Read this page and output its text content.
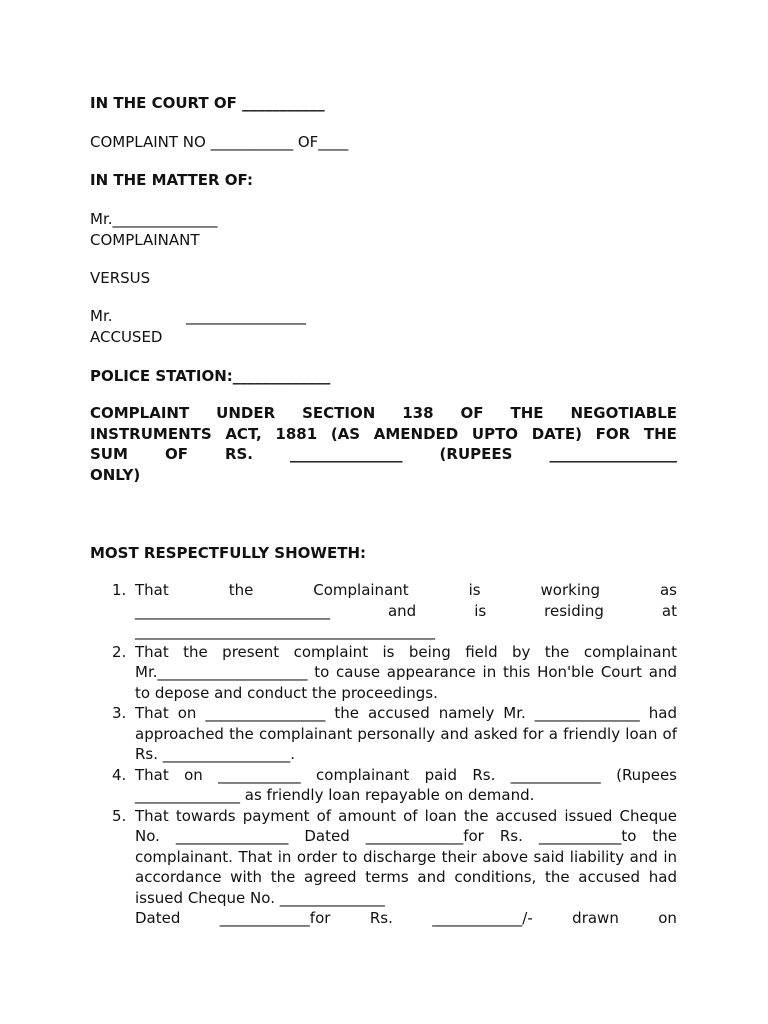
IN THE COURT OF ___________
COMPLAINT NO ___________ OF____
IN THE MATTER OF:
Mr.______________
COMPLAINANT
VERSUS
Mr.	________________
ACCUSED
POLICE STATION:_____________
COMPLAINT UNDER SECTION 138 OF THE NEGOTIABLE
INSTRUMENTS ACT, 1881 (AS AMENDED UPTO DATE) FOR THE
SUM OF RS. _______________ (RUPEES _________________
ONLY)
MOST RESPECTFULLY SHOWETH:
1. That	the	Complainant	is	working	as
__________________________	and	is	residing	at
________________________________________
2. That the present complaint is being field by the complainant Mr.____________________ to cause appearance in this Hon'ble Court and to depose and conduct the proceedings.
3. That on ________________ the accused namely Mr. ______________ had approached the complainant personally and asked for a friendly loan of Rs. _________________.
4. That on ___________ complainant paid Rs. ____________ (Rupees ______________ as friendly loan repayable on demand.
5. That towards payment of amount of loan the accused issued Cheque No. _______________ Dated _____________for Rs. ___________to the complainant. That in order to discharge their above said liability and in accordance with the agreed terms and conditions, the accused had issued Cheque No. ______________
Dated	____________for	Rs.	____________/-	drawn	on
